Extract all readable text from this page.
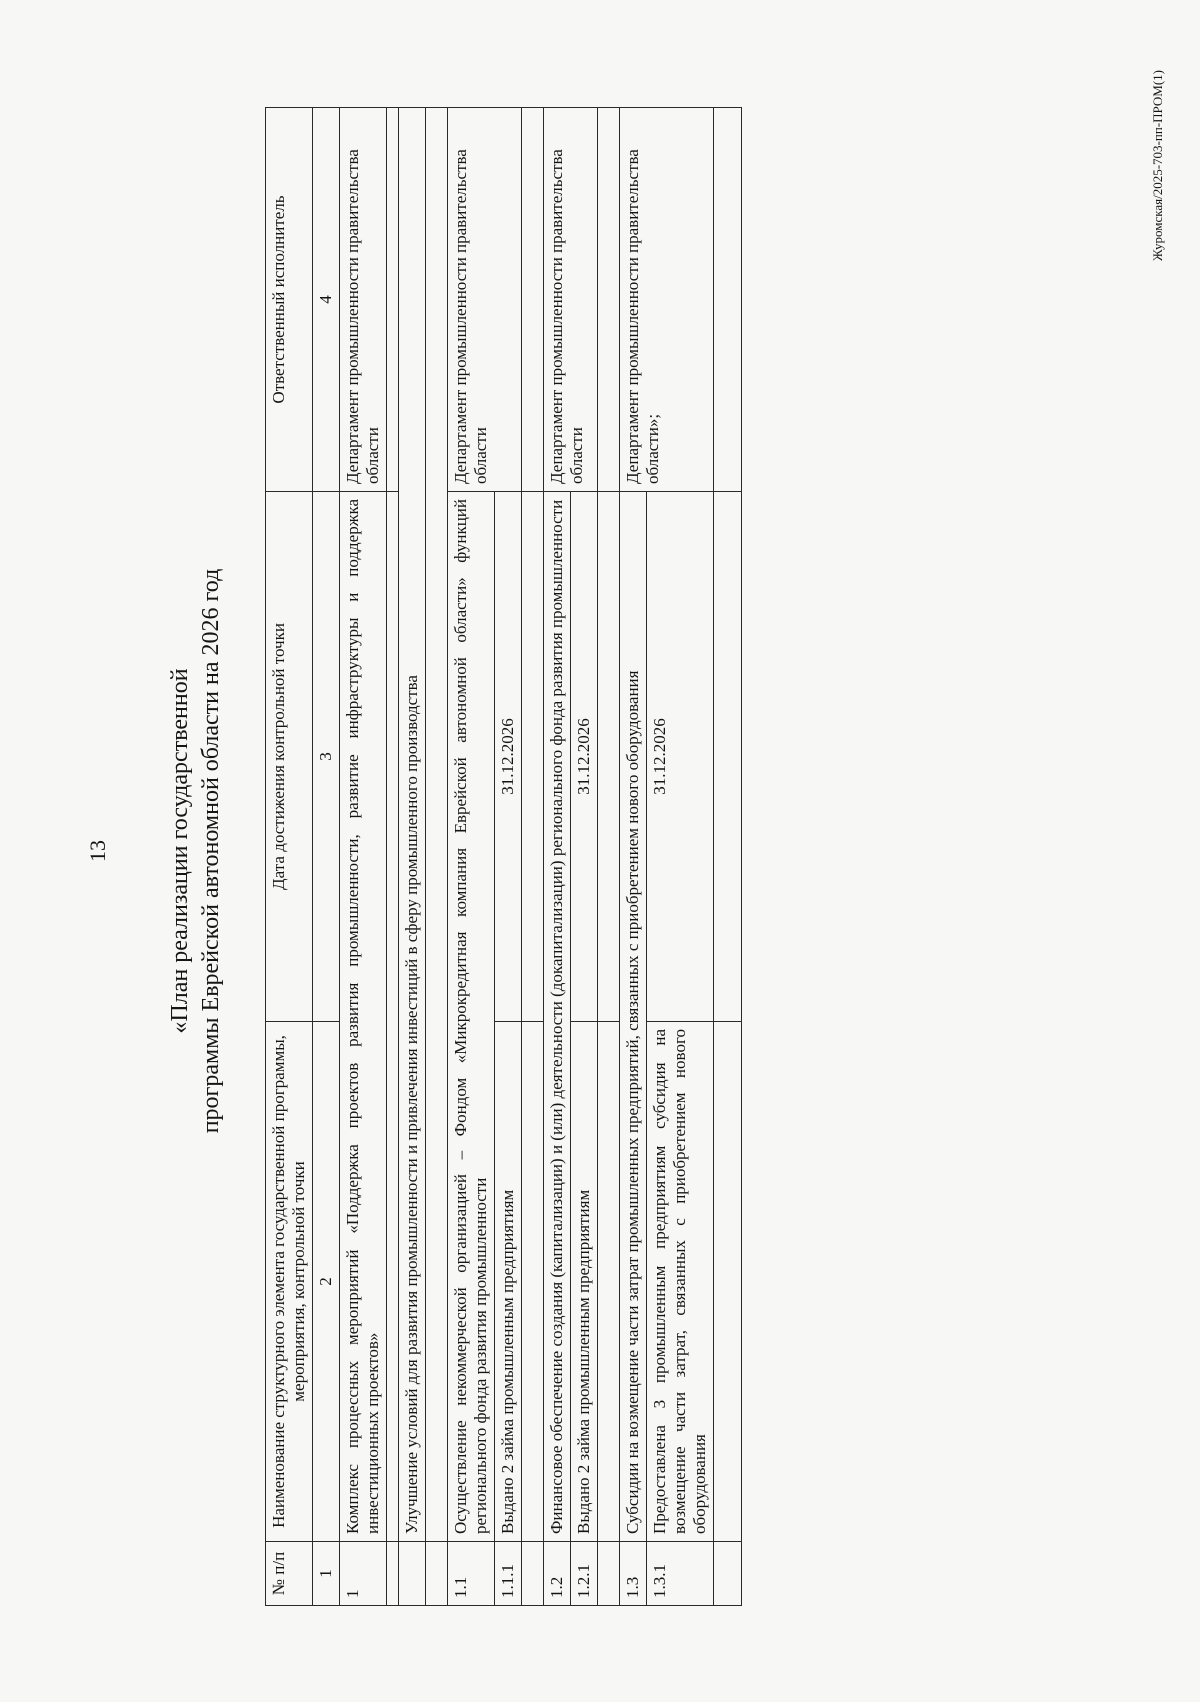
13 «План реализации государственной программы Еврейской автономной области на 2026 год
№ п/п	Наименование структурного элемента государственной программы, мероприятия, контрольной точки	Дата достижения контрольной точки	Ответственный исполнитель
1	2	3	4
1	Комплекс процессных мероприятий «Поддержка проектов развития промышленности, развитие инфраструктуры и поддержка инвестиционных проектов»		Департамент промышленности правительства области

	Улучшение условий для развития промышленности и привлечения инвестиций в сферу промышленного производства		

1.1	Осуществление некоммерческой организацией – Фондом «Микрокредитная компания Еврейской автономной области» функций регионального фонда развития промышленности		Департамент промышленности правительства области
1.1.1	Выдано 2 займа промышленным предприятиям	31.12.2026	

1.2	Финансовое обеспечение создания (капитализации) и (или) деятельности (докапитализации) регионального фонда развития промышленности		Департамент промышленности правительства области
1.2.1	Выдано 2 займа промышленным предприятиям	31.12.2026	

1.3	Субсидии на возмещение части затрат промышленных предприятий, связанных с приобретением нового оборудования		Департамент промышленности правительства области»;
1.3.1	Предоставлена 3 промышленным предприятиям субсидия на возмещение части затрат, связанных с приобретением нового оборудования	31.12.2026	

Журомская/2025-703-пп-ПРОМ(1)
